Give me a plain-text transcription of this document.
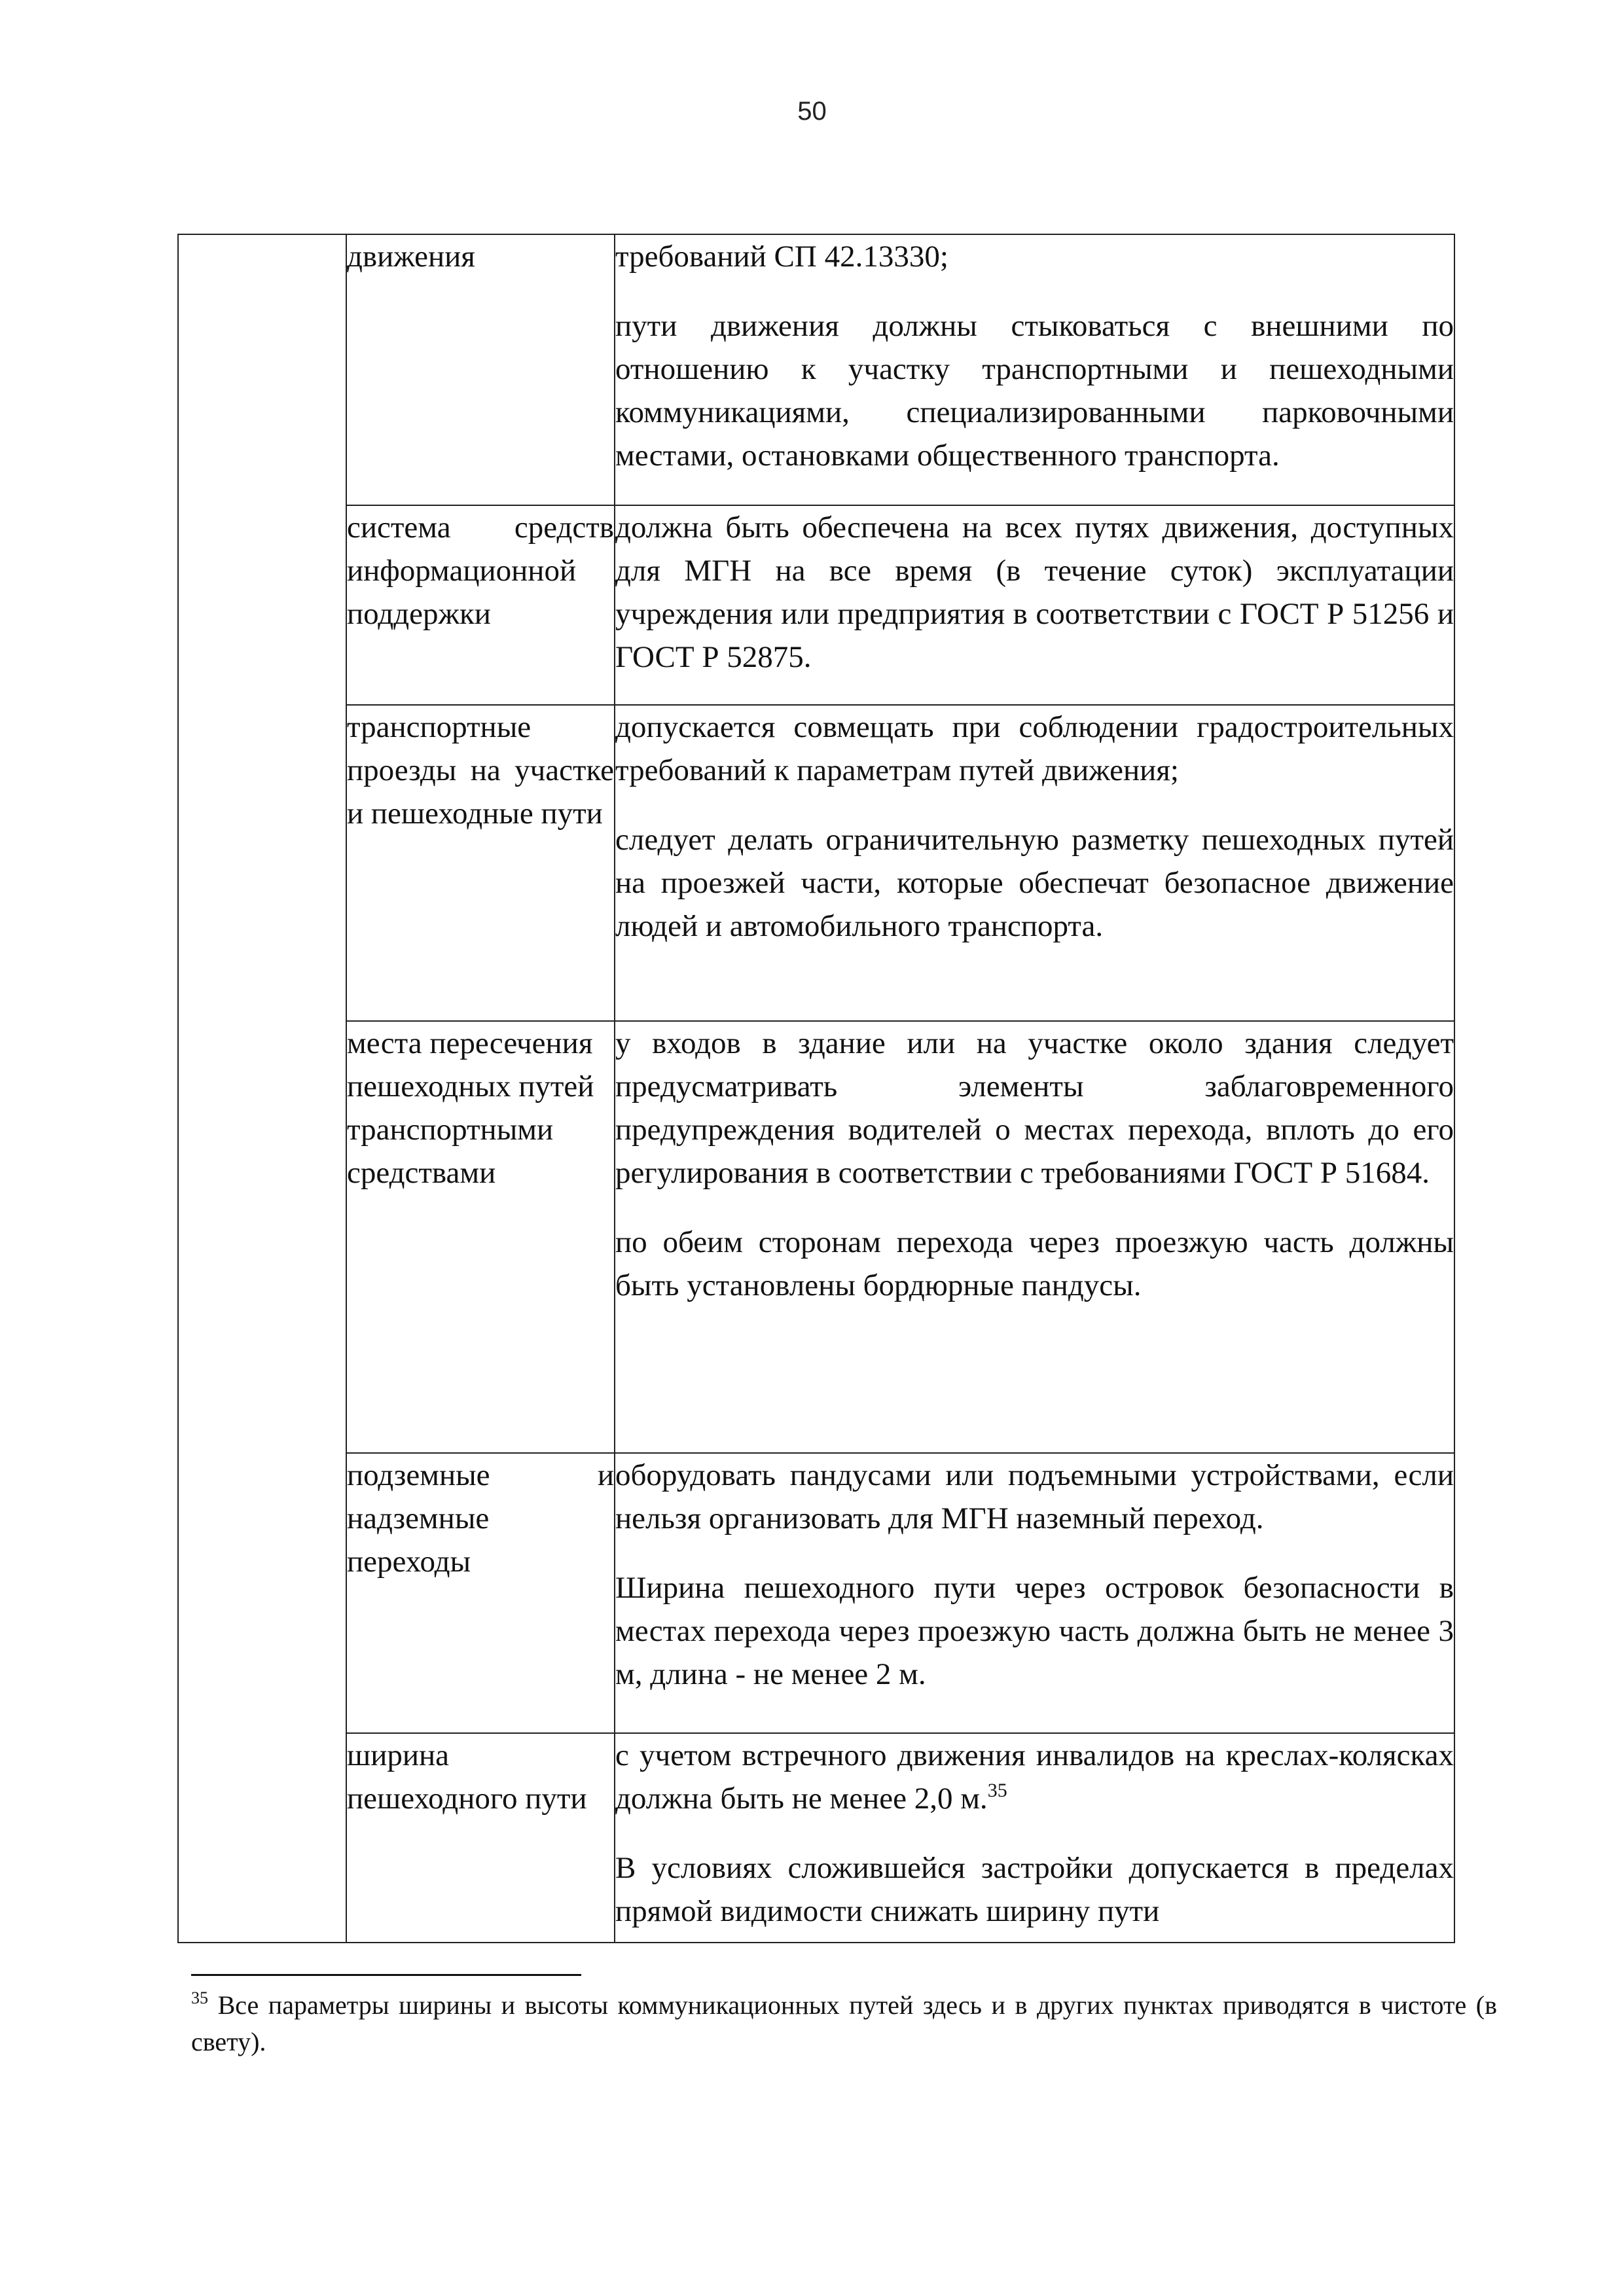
50

	движения	требований СП 42.13330;

пути движения должны стыковаться с внешними по отношению к участку транспортными и пешеходными коммуникациями, специализированными парковочными местами, остановками общественного транспорта.

	система средств информационной поддержки	должна быть обеспечена на всех путях движения, доступных для МГН на все время (в течение суток) эксплуатации учреждения или предприятия в соответствии с ГОСТ Р 51256 и ГОСТ Р 52875.

	транспортные проезды на участке и пешеходные пути	допускается совмещать при соблюдении градостроительных требований к параметрам путей движения;

следует делать ограничительную разметку пешеходных путей на проезжей части, которые обеспечат безопасное движение людей и автомобильного транспорта.

	места пересечения пешеходных путей транспортными средствами	у входов в здание или на участке около здания следует предусматривать элементы заблаговременного предупреждения водителей о местах перехода, вплоть до его регулирования в соответствии с требованиями ГОСТ Р 51684.

по обеим сторонам перехода через проезжую часть должны быть установлены бордюрные пандусы.

	подземные и надземные переходы	оборудовать пандусами или подъемными устройствами, если нельзя организовать для МГН наземный переход.

Ширина пешеходного пути через островок безопасности в местах перехода через проезжую часть должна быть не менее 3 м, длина - не менее 2 м.

	ширина пешеходного пути	с учетом встречного движения инвалидов на креслах-колясках должна быть не менее 2,0 м.$^{35}$

В условиях сложившейся застройки допускается в пределах прямой видимости снижать ширину пути

$^{35}$ Все параметры ширины и высоты коммуникационных путей здесь и в других пунктах приводятся в чистоте (в свету).
